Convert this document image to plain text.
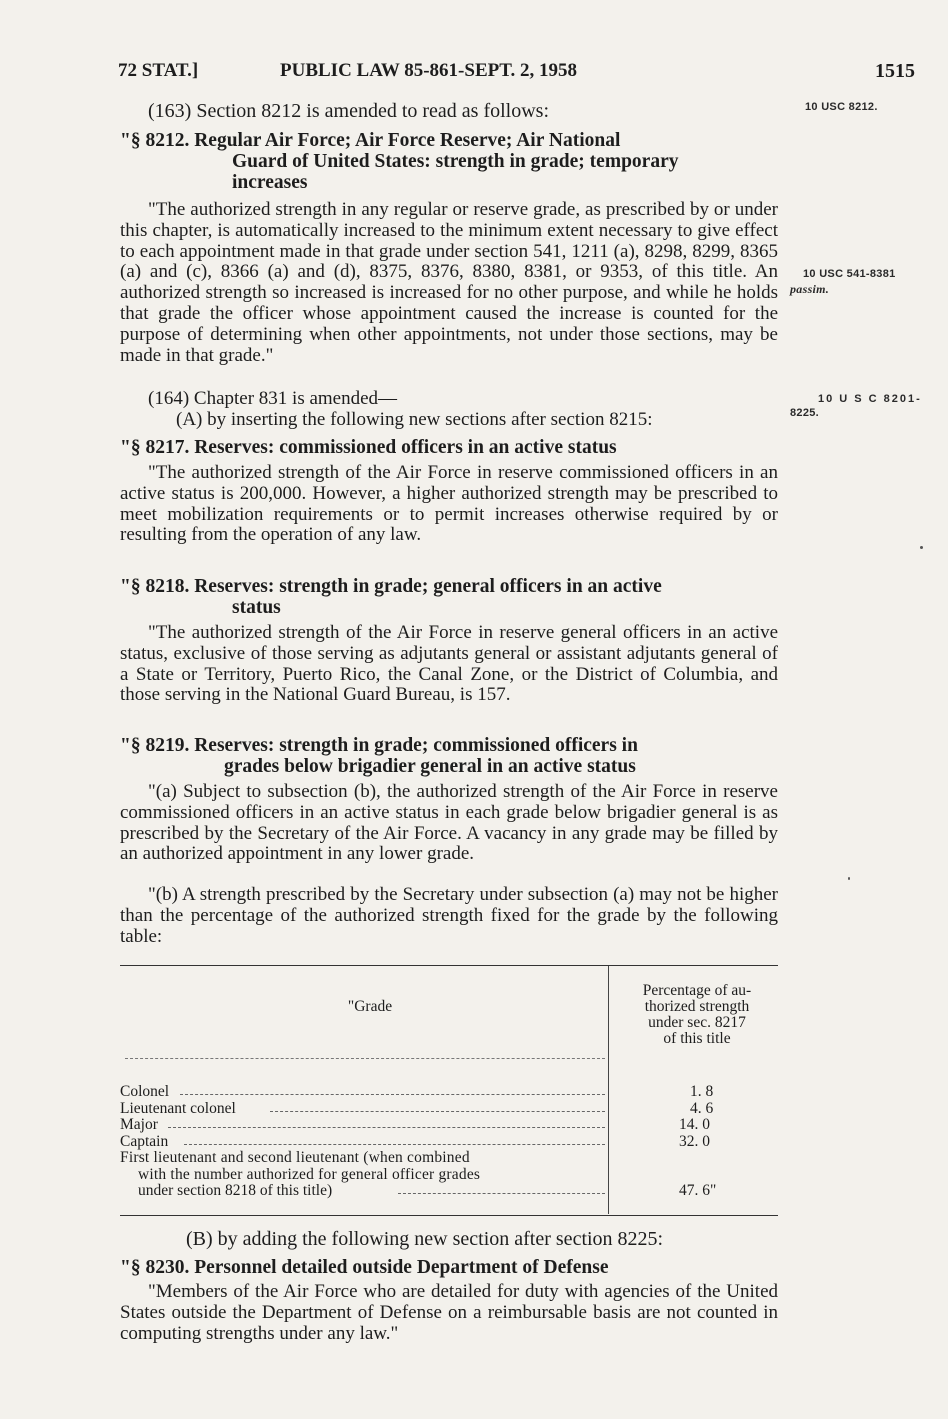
72 STAT.]	PUBLIC LAW 85-861-SEPT. 2, 1958	1515
10 USC 8212.
10 USC 541-8381
passim.
10 U S C 8201-
8225.
(163) Section 8212 is amended to read as follows:
"§ 8212. Regular Air Force; Air Force Reserve; Air National
Guard of United States: strength in grade; temporary
increases
"The authorized strength in any regular or reserve grade, as prescribed by or under this chapter, is automatically increased to the minimum extent necessary to give effect to each appointment made in that grade under section 541, 1211 (a), 8298, 8299, 8365 (a) and (c), 8366 (a) and (d), 8375, 8376, 8380, 8381, or 9353, of this title. An authorized strength so increased is increased for no other purpose, and while he holds that grade the officer whose appointment caused the increase is counted for the purpose of determining when other appointments, not under those sections, may be made in that grade."
(164) Chapter 831 is amended—
(A) by inserting the following new sections after section 8215:
"§ 8217. Reserves: commissioned officers in an active status
"The authorized strength of the Air Force in reserve commissioned officers in an active status is 200,000. However, a higher authorized strength may be prescribed to meet mobilization requirements or to permit increases otherwise required by or resulting from the operation of any law.
"§ 8218. Reserves: strength in grade; general officers in an active
status
"The authorized strength of the Air Force in reserve general officers in an active status, exclusive of those serving as adjutants general or assistant adjutants general of a State or Territory, Puerto Rico, the Canal Zone, or the District of Columbia, and those serving in the National Guard Bureau, is 157.
"§ 8219. Reserves: strength in grade; commissioned officers in
grades below brigadier general in an active status
"(a) Subject to subsection (b), the authorized strength of the Air Force in reserve commissioned officers in an active status in each grade below brigadier general is as prescribed by the Secretary of the Air Force. A vacancy in any grade may be filled by an authorized appointment in any lower grade.
"(b) A strength prescribed by the Secretary under subsection (a) may not be higher than the percentage of the authorized strength fixed for the grade by the following table:
"Grade
Percentage of au-
thorized strength
under sec. 8217
of this title
Colonel	1. 8
Lieutenant colonel	4. 6
Major	14. 0
Captain	32. 0
First lieutenant and second lieutenant (when combined
with the number authorized for general officer grades
under section 8218 of this title)	47. 6"
(B) by adding the following new section after section 8225:
"§ 8230. Personnel detailed outside Department of Defense
"Members of the Air Force who are detailed for duty with agencies of the United States outside the Department of Defense on a reimbursable basis are not counted in computing strengths under any law."
